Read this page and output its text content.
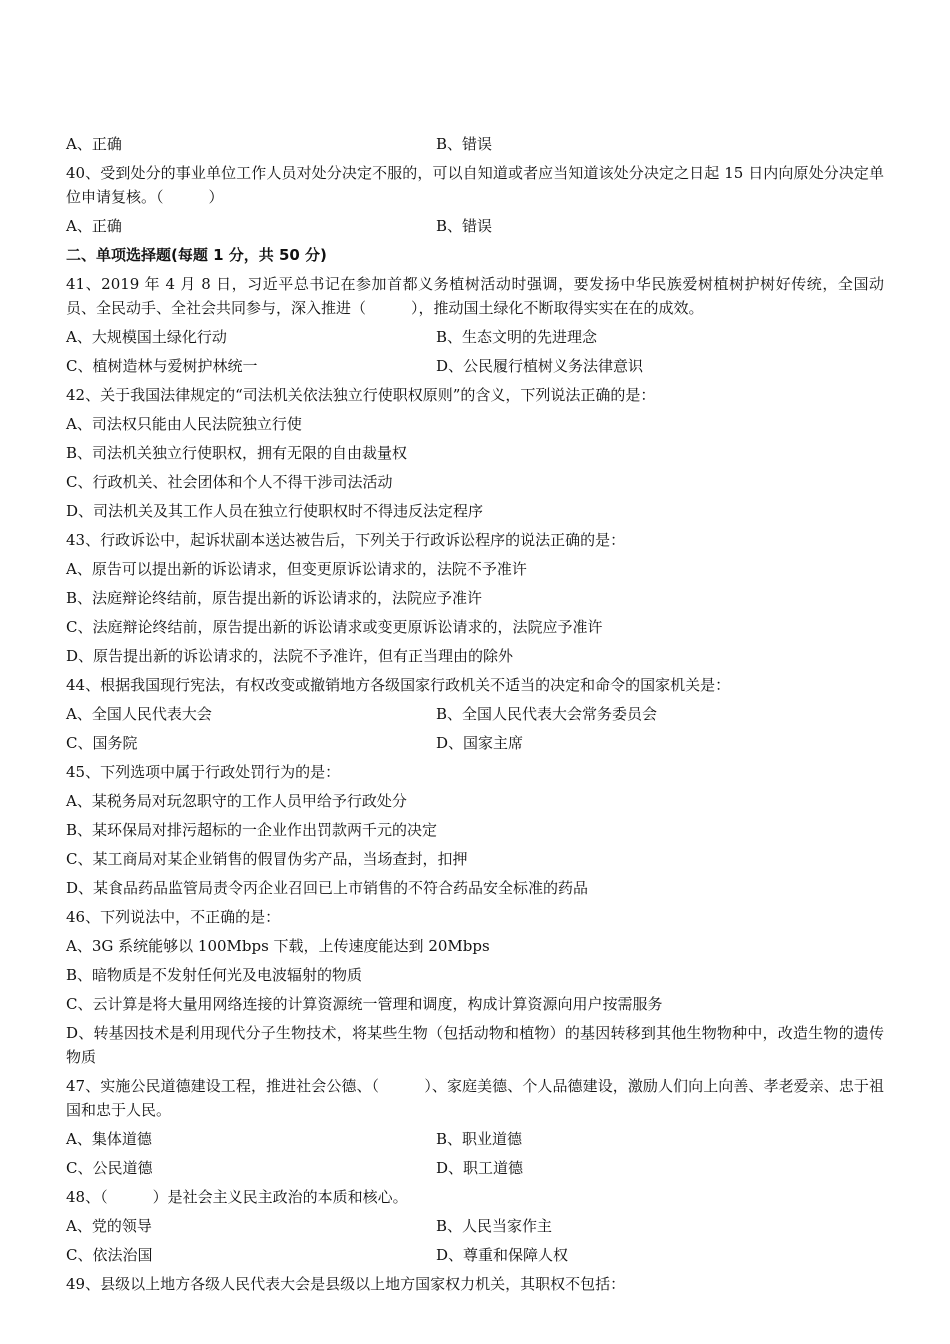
A、正确	B、错误
40、受到处分的事业单位工作人员对处分决定不服的，可以自知道或者应当知道该处分决定之日起 15 日内向原处分决定单位申请复核。（　　　）
A、正确	B、错误
二、单项选择题(每题 1 分，共 50 分)
41、2019 年 4 月 8 日，习近平总书记在参加首都义务植树活动时强调，要发扬中华民族爱树植树护树好传统，全国动员、全民动手、全社会共同参与，深入推进（　　　），推动国土绿化不断取得实实在在的成效。
A、大规模国土绿化行动	B、生态文明的先进理念
C、植树造林与爱树护林统一	D、公民履行植树义务法律意识
42、关于我国法律规定的“司法机关依法独立行使职权原则”的含义，下列说法正确的是：
A、司法权只能由人民法院独立行使
B、司法机关独立行使职权，拥有无限的自由裁量权
C、行政机关、社会团体和个人不得干涉司法活动
D、司法机关及其工作人员在独立行使职权时不得违反法定程序
43、行政诉讼中，起诉状副本送达被告后，下列关于行政诉讼程序的说法正确的是：
A、原告可以提出新的诉讼请求，但变更原诉讼请求的，法院不予准许
B、法庭辩论终结前，原告提出新的诉讼请求的，法院应予准许
C、法庭辩论终结前，原告提出新的诉讼请求或变更原诉讼请求的，法院应予准许
D、原告提出新的诉讼请求的，法院不予准许，但有正当理由的除外
44、根据我国现行宪法，有权改变或撤销地方各级国家行政机关不适当的决定和命令的国家机关是：
A、全国人民代表大会	B、全国人民代表大会常务委员会
C、国务院	D、国家主席
45、下列选项中属于行政处罚行为的是：
A、某税务局对玩忽职守的工作人员甲给予行政处分
B、某环保局对排污超标的一企业作出罚款两千元的决定
C、某工商局对某企业销售的假冒伪劣产品，当场查封，扣押
D、某食品药品监管局责令丙企业召回已上市销售的不符合药品安全标准的药品
46、下列说法中，不正确的是：
A、3G 系统能够以 100Mbps 下载，上传速度能达到 20Mbps
B、暗物质是不发射任何光及电波辐射的物质
C、云计算是将大量用网络连接的计算资源统一管理和调度，构成计算资源向用户按需服务
D、转基因技术是利用现代分子生物技术，将某些生物（包括动物和植物）的基因转移到其他生物物种中，改造生物的遗传物质
47、实施公民道德建设工程，推进社会公德、（　　　）、家庭美德、个人品德建设，激励人们向上向善、孝老爱亲、忠于祖国和忠于人民。
A、集体道德	B、职业道德
C、公民道德	D、职工道德
48、（　　　）是社会主义民主政治的本质和核心。
A、党的领导	B、人民当家作主
C、依法治国	D、尊重和保障人权
49、县级以上地方各级人民代表大会是县级以上地方国家权力机关，其职权不包括：
